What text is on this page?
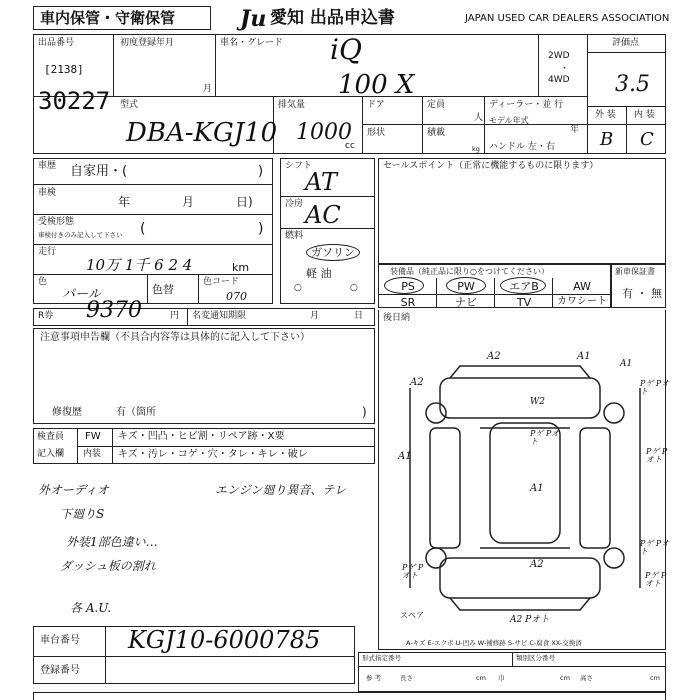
車内保管・守衛保管	Ju 愛知 出品申込書	JAPAN USED CAR DEALERS ASSOCIATION
出品番号
[2138]
30227
初度登録年月
月
車名・グレード iQ
100 X
2WD
・
4WD
評価点
3.5
外 装 内 装
B C
型式
DBA-KGJ10
排気量
1000
cc
ドア	定員
人
ディーラー・並 行
形状	積載
kg
モデル年式
年
ハンドル 左・右
車歴 自家用・(	)
車検
年	月	日)
受検形態
車検付きのみ記入して下さい (	)
走行
10万 1千 6 2 4	km
色
パール	色替
色コード
070
シフト
AT
冷房 AC
燃料
ガソリン
軽 油
○	○
セールスポイント（正常に機能するものに限ります）
装備品（純正品に限り○をつけてください）
PS	PW	エアB	AW
SR	ナビ	TV	カワシート
新車保証書
有 ・ 無
R券 9370	円 名変通知期限	月	日 後日納
注意事項申告欄（不具合内容等は具体的に記入して下さい）
修復歴	有（箇所	)
検査員
記入欄
FW キズ・凹凸・ヒビ割・リペア跡・X要
内装 キズ・汚レ・コゲ・穴・タレ・キレ・破レ
外オーディオ	エンジン廻り異音、テレ
下廻りS
外装1部色違い…
ダッシュ板の割れ
各 A.U.
車台番号 KGJ10-6000785
登録番号
A2	A1
A2
A1
A1
A2
W2
Pゲ Pオト
Pゲ Pオト
Pゲ Pオト
Pゲ Pオト
Pゲ Pオト
Pゲ Pオト
A2 Pオト
A1
スペア
A-キズ E-エクボ U-凹み W-補修跡 S-サビ C-腐食 XX-交換済
形式指定番号	類別区分番号
参 考	長さ	cm 巾	cm 高さ	cm
